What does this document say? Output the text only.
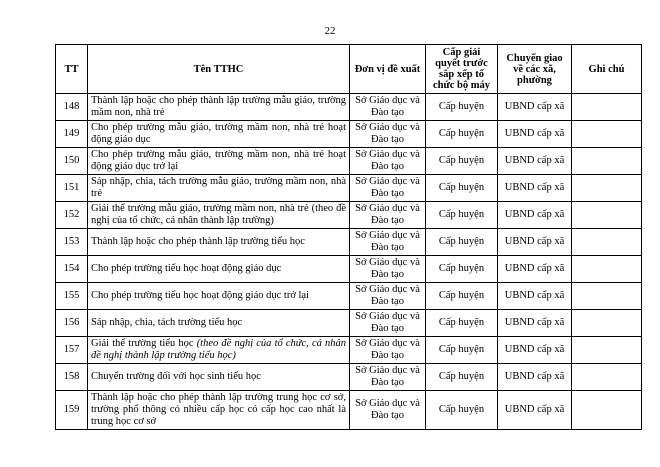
22
TT	Tên TTHC	Đơn vị đề xuất	Cấp giải quyết trước sắp xếp tổ chức bộ máy	Chuyển giao về các xã, phường	Ghi chú
148	Thành lập hoặc cho phép thành lập trường mẫu giáo, trường mầm non, nhà trẻ	Sở Giáo dục và Đào tạo	Cấp huyện	UBND cấp xã	
149	Cho phép trường mẫu giáo, trường mầm non, nhà trẻ hoạt động giáo dục	Sở Giáo dục và Đào tạo	Cấp huyện	UBND cấp xã	
150	Cho phép trường mẫu giáo, trường mầm non, nhà trẻ hoạt động giáo dục trở lại	Sở Giáo dục và Đào tạo	Cấp huyện	UBND cấp xã	
151	Sáp nhập, chia, tách trường mẫu giáo, trường mầm non, nhà trẻ	Sở Giáo dục và Đào tạo	Cấp huyện	UBND cấp xã	
152	Giải thể trường mẫu giáo, trường mầm non, nhà trẻ (theo đề nghị của tổ chức, cá nhân thành lập trường)	Sở Giáo dục và Đào tạo	Cấp huyện	UBND cấp xã	
153	Thành lập hoặc cho phép thành lập trường tiểu học	Sở Giáo dục và Đào tạo	Cấp huyện	UBND cấp xã	
154	Cho phép trường tiểu học hoạt động giáo dục	Sở Giáo dục và Đào tạo	Cấp huyện	UBND cấp xã	
155	Cho phép trường tiểu học hoạt động giáo dục trở lại	Sở Giáo dục và Đào tạo	Cấp huyện	UBND cấp xã	
156	Sáp nhập, chia, tách trường tiểu học	Sở Giáo dục và Đào tạo	Cấp huyện	UBND cấp xã	
157	Giải thể trường tiểu học (theo đề nghị của tổ chức, cá nhân đề nghị thành lập trường tiểu học)	Sở Giáo dục và Đào tạo	Cấp huyện	UBND cấp xã	
158	Chuyển trường đối với học sinh tiểu học	Sở Giáo dục và Đào tạo	Cấp huyện	UBND cấp xã	
159	Thành lập hoặc cho phép thành lập trường trung học cơ sở, trường phổ thông có nhiều cấp học có cấp học cao nhất là trung học cơ sở	Sở Giáo dục và Đào tạo	Cấp huyện	UBND cấp xã	
